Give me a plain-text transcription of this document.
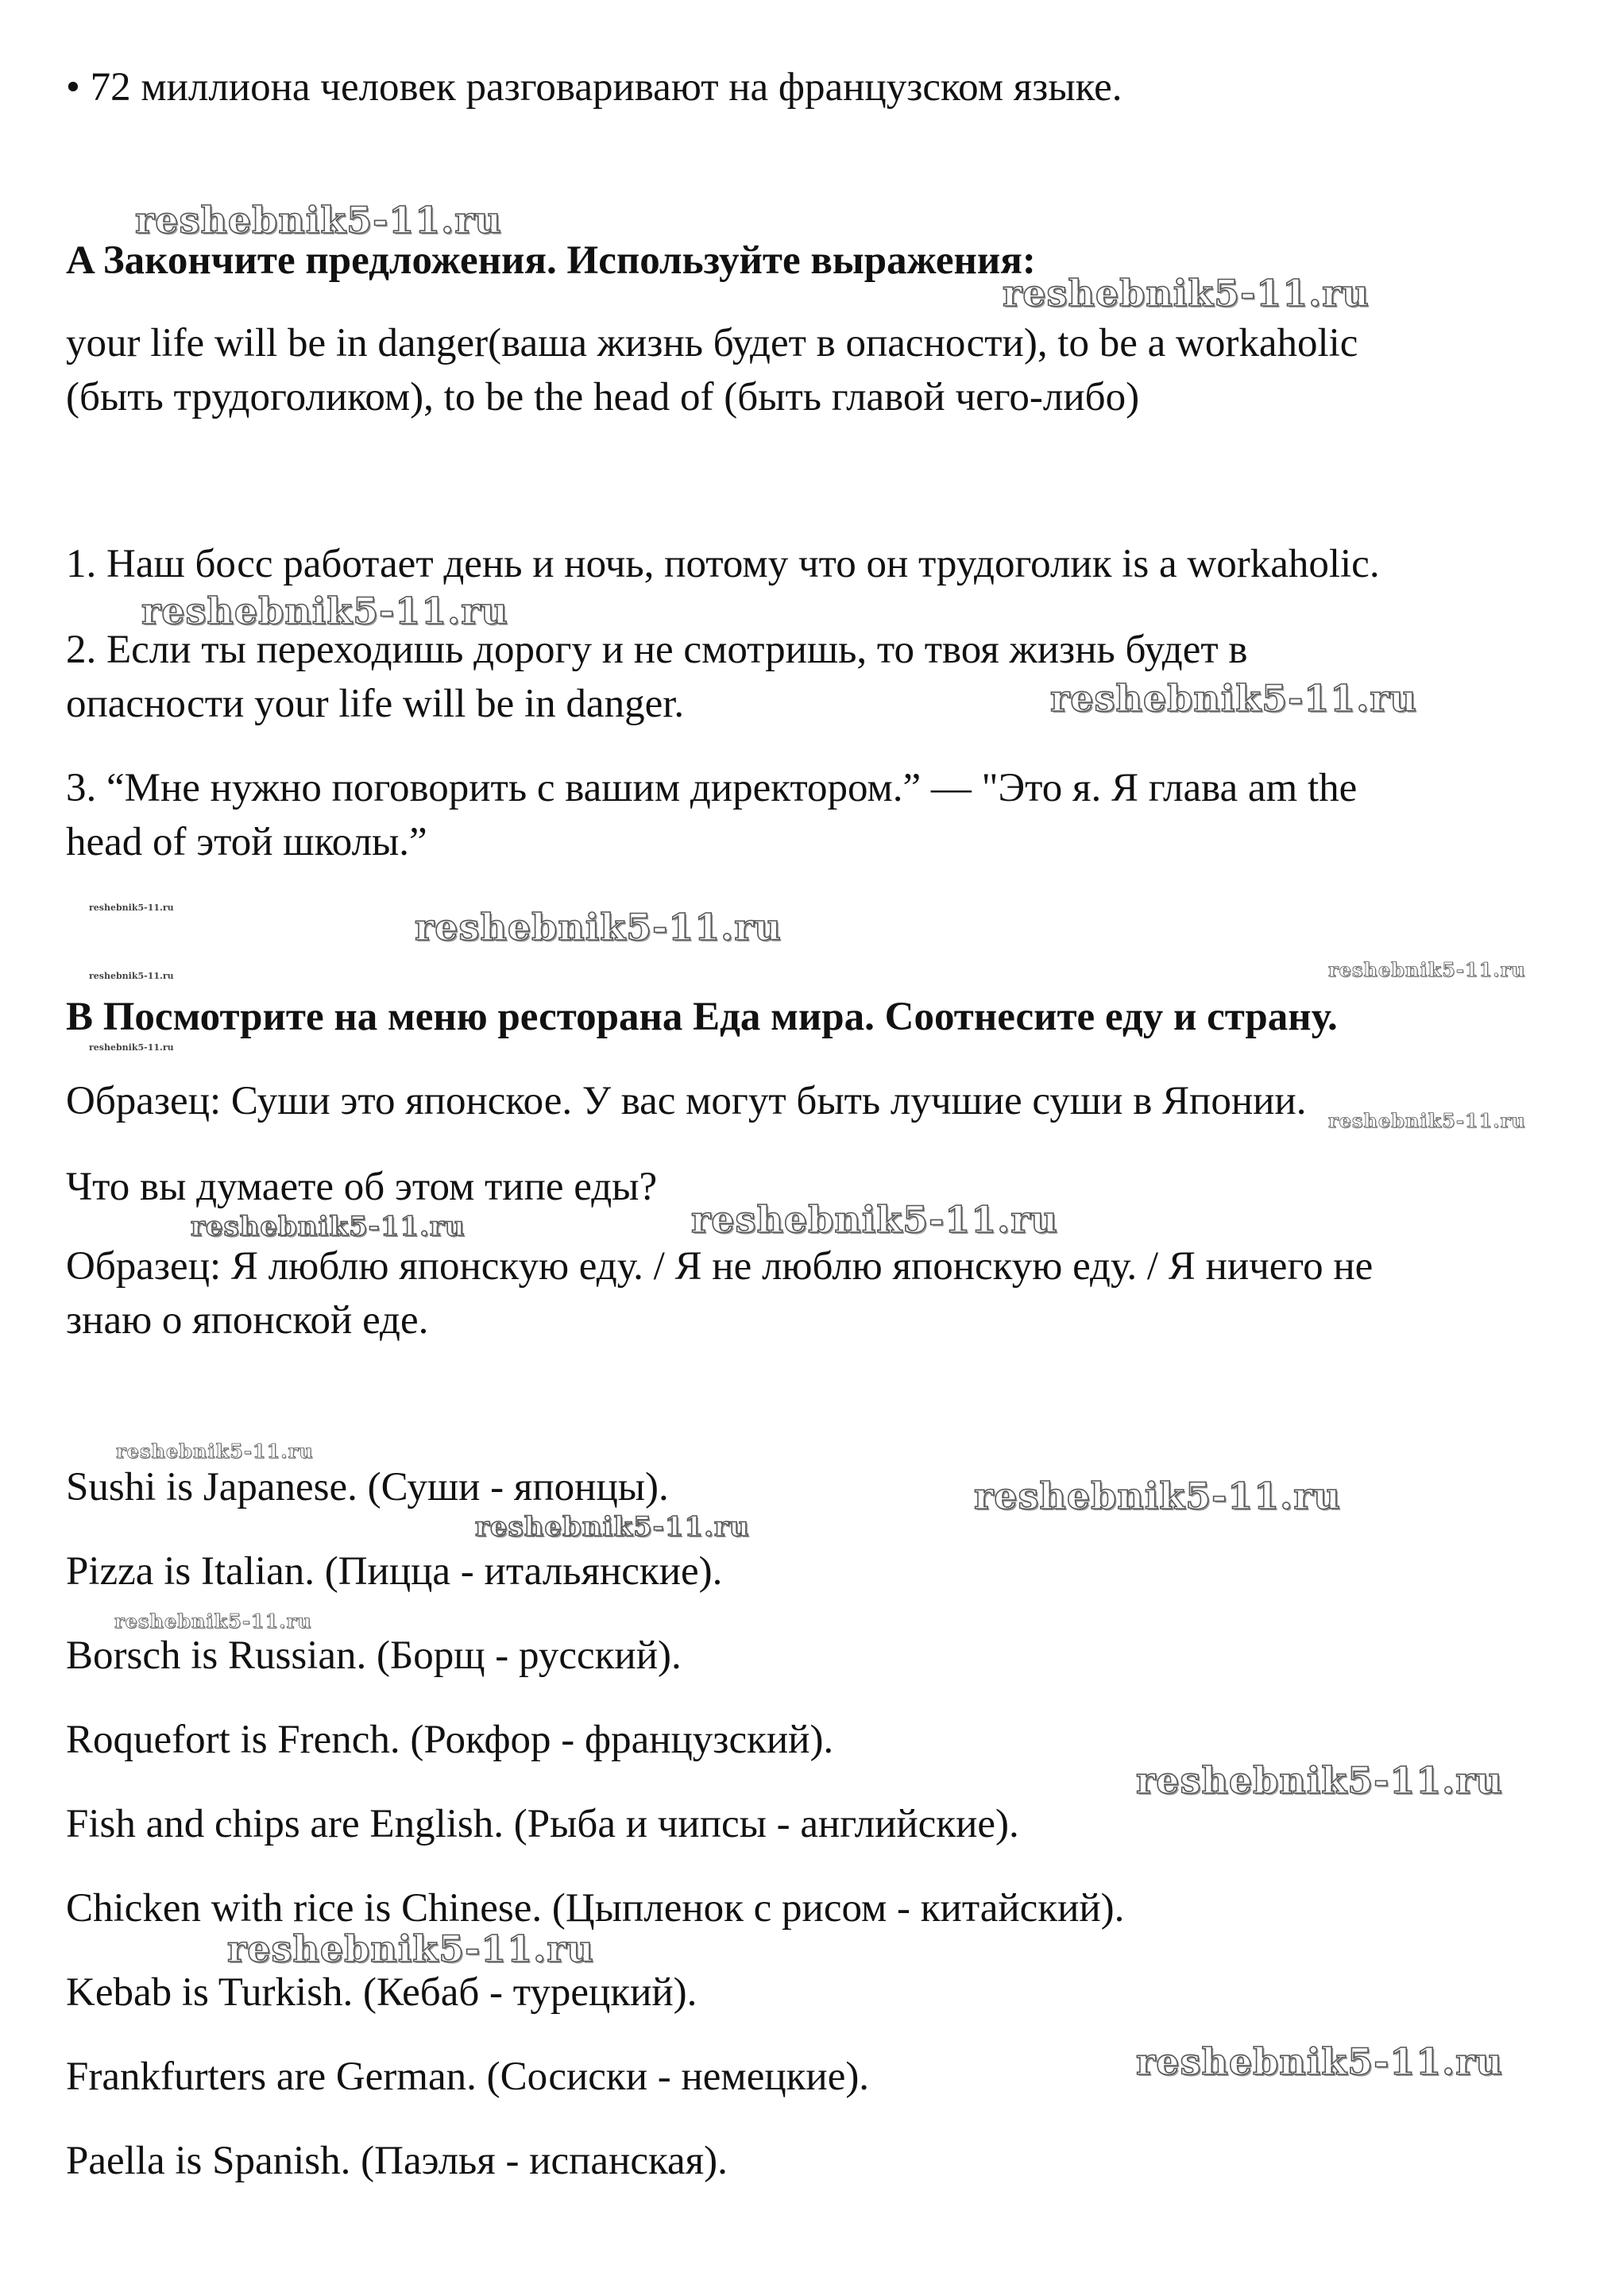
• 72 миллиона человек разговаривают на французском языке.
A Закончите предложения. Используйте выражения:
your life will be in danger(ваша жизнь будет в опасности), to be a workaholic
(быть трудоголиком), to be the head of (быть главой чего-либо)
1. Наш босс работает день и ночь, потому что он трудоголик is a workaholic.
2. Если ты переходишь дорогу и не смотришь, то твоя жизнь будет в
опасности your life will be in danger.
3. “Мне нужно поговорить с вашим директором.” — "Это я. Я глава am the
head of этой школы.”
B Посмотрите на меню ресторана Еда мира. Соотнесите еду и страну.
Образец: Суши это японское. У вас могут быть лучшие суши в Японии.
Что вы думаете об этом типе еды?
Образец: Я люблю японскую еду. / Я не люблю японскую еду. / Я ничего не
знаю о японской еде.
Sushi is Japanese. (Суши - японцы).
Pizza is Italian. (Пицца - итальянские).
Borsch is Russian. (Борщ - русский).
Roquefort is French. (Рокфор - французский).
Fish and chips are English. (Рыба и чипсы - английские).
Chicken with rice is Chinese. (Цыпленок с рисом - китайский).
Kebab is Turkish. (Кебаб - турецкий).
Frankfurters are German. (Сосиски - немецкие).
Paella is Spanish. (Паэлья - испанская).
reshebnik5-11.ru
reshebnik5-11.ru
reshebnik5-11.ru
reshebnik5-11.ru
reshebnik5-11.ru
reshebnik5-11.ru
reshebnik5-11.ru
reshebnik5-11.ru
reshebnik5-11.ru
reshebnik5-11.ru
reshebnik5-11.ru	reshebnik5-11.ru
reshebnik5-11.ru
reshebnik5-11.ru
reshebnik5-11.ru
reshebnik5-11.ru
reshebnik5-11.ru
reshebnik5-11.ru
reshebnik5-11.ru
